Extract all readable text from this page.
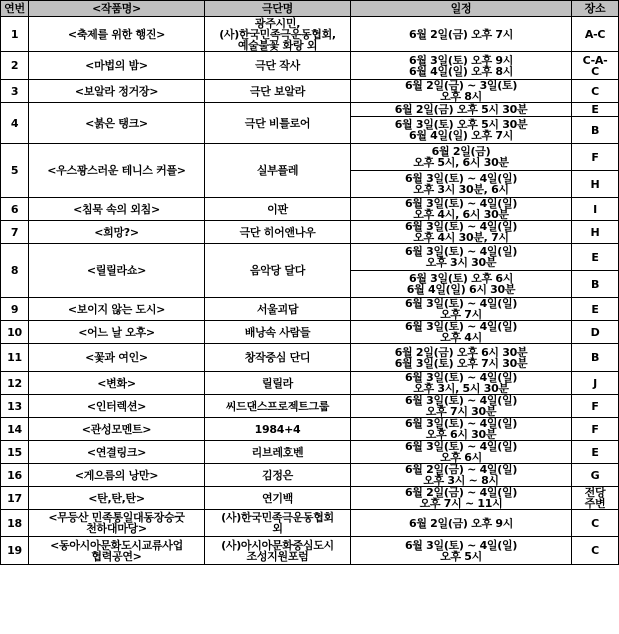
연번	<작품명>	극단명	일정	장소
1	<축제를 위한 행진>	광주시민,
(사)한국민족극운동협회,
예술불꽃 화랑 외	6월 2일(금) 오후 7시	A-C

2	<마법의 밤>	극단 작사	6월 3일(토) 오후 9시
6월 4일(일) 오후 8시	C-A-
C

3	<보알라 정거장>	극단 보알라	6월 2일(금) ~ 3일(토)
오후 8시	C

4	<붉은 탱크>	극단 비틀로어	6월 2일(금) 오후 5시 30분	E

			6월 3일(토) 오후 5시 30분
6월 4일(일) 오후 7시	B

5	<우스꽝스러운 테니스 커플>	실부플레	6월 2일(금)
오후 5시, 6시 30분	F

			6월 3일(토) ~ 4일(일)
오후 3시 30분, 6시	H

6	<침묵 속의 외침>	이판	6월 3일(토) ~ 4일(일)
오후 4시, 6시 30분	I

7	<희망?>	극단 히어앤나우	6월 3일(토) ~ 4일(일)
오후 4시 30분, 7시	H

8	<릴릴라쇼>	음악당 달다	6월 3일(토) ~ 4일(일)
오후 3시 30분	E

			6월 3일(토) 오후 6시
6월 4일(일) 6시 30분	B

9	<보이지 않는 도시>	서울괴담	6월 3일(토) ~ 4일(일)
오후 7시	E

10	<어느 날 오후>	배낭속 사람들	6월 3일(토) ~ 4일(일)
오후 4시	D

11	<꽃과 여인>	창작중심 단디	6월 2일(금) 오후 6시 30분
6월 3일(토) 오후 7시 30분	B

12	<변화>	릴릴라	6월 3일(토) ~ 4일(일)
오후 3시, 5시 30분	J

13	<인터렉션>	씨드댄스프로젝트그룹	6월 3일(토) ~ 4일(일)
오후 7시 30분	F

14	<관성모멘트>	1984+4	6월 3일(토) ~ 4일(일)
오후 6시 30분	F

15	<연결링크>	리브레호벤	6월 3일(토) ~ 4일(일)
오후 6시	E

16	<게으름의 낭만>	김정은	6월 2일(금) ~ 4일(일)
오후 3시 ~ 8시	G

17	<탄,탄,탄>	연기백	6월 2일(금) ~ 4일(일)
오후 7시 ~ 11시	전당
주변

18	<무등산 민족통일대동장승굿
천하대마당>	(사)한국민족극운동협회
외	6월 2일(금) 오후 9시	C

19	<동아시아문화도시교류사업
협력공연>	(사)아시아문화중심도시
조성지원포럼	6월 3일(토) ~ 4일(일)
오후 5시	C
